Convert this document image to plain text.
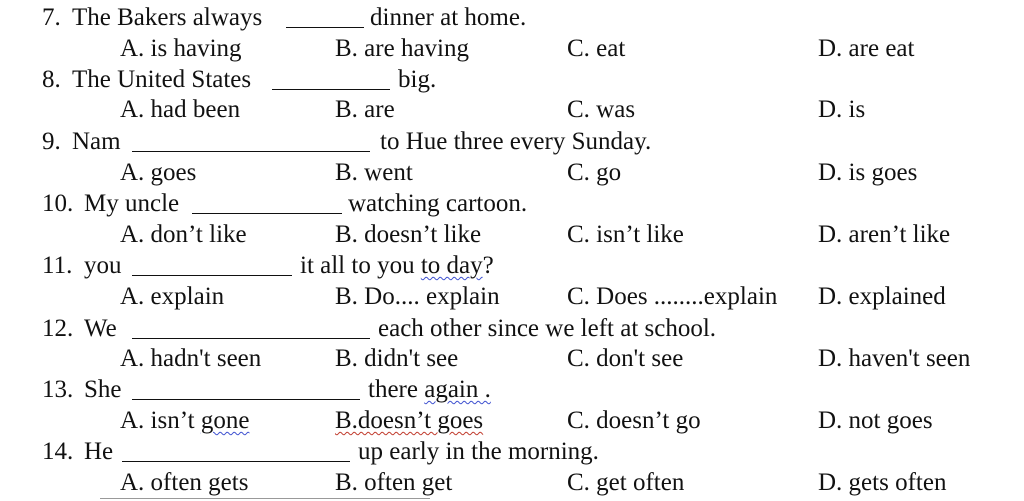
7. The Bakers always	dinner at home.
A. is having	B. are having	C. eat	D. are eat
8. The United States	big.
A. had been	B. are	C. was	D. is
9. Nam	to Hue three every Sunday.
A. goes	B. went	C. go	D. is goes
10. My uncle	watching cartoon.
A. don’t like	B. doesn’t like	C. isn’t like	D. aren’t like
11. you	it all to you to day?
A. explain	B. Do.... explain	C. Does ........explain D. explained
12. We	each other since we left at school.
A. hadn't seen	B. didn't see	C. don't see	D. haven't seen
13. She	there again .
A. isn’t gone	B.doesn’t goes	C. doesn’t go	D. not goes
14. He	up early in the morning.
A. often gets	B. often get	C. get often	D. gets often
